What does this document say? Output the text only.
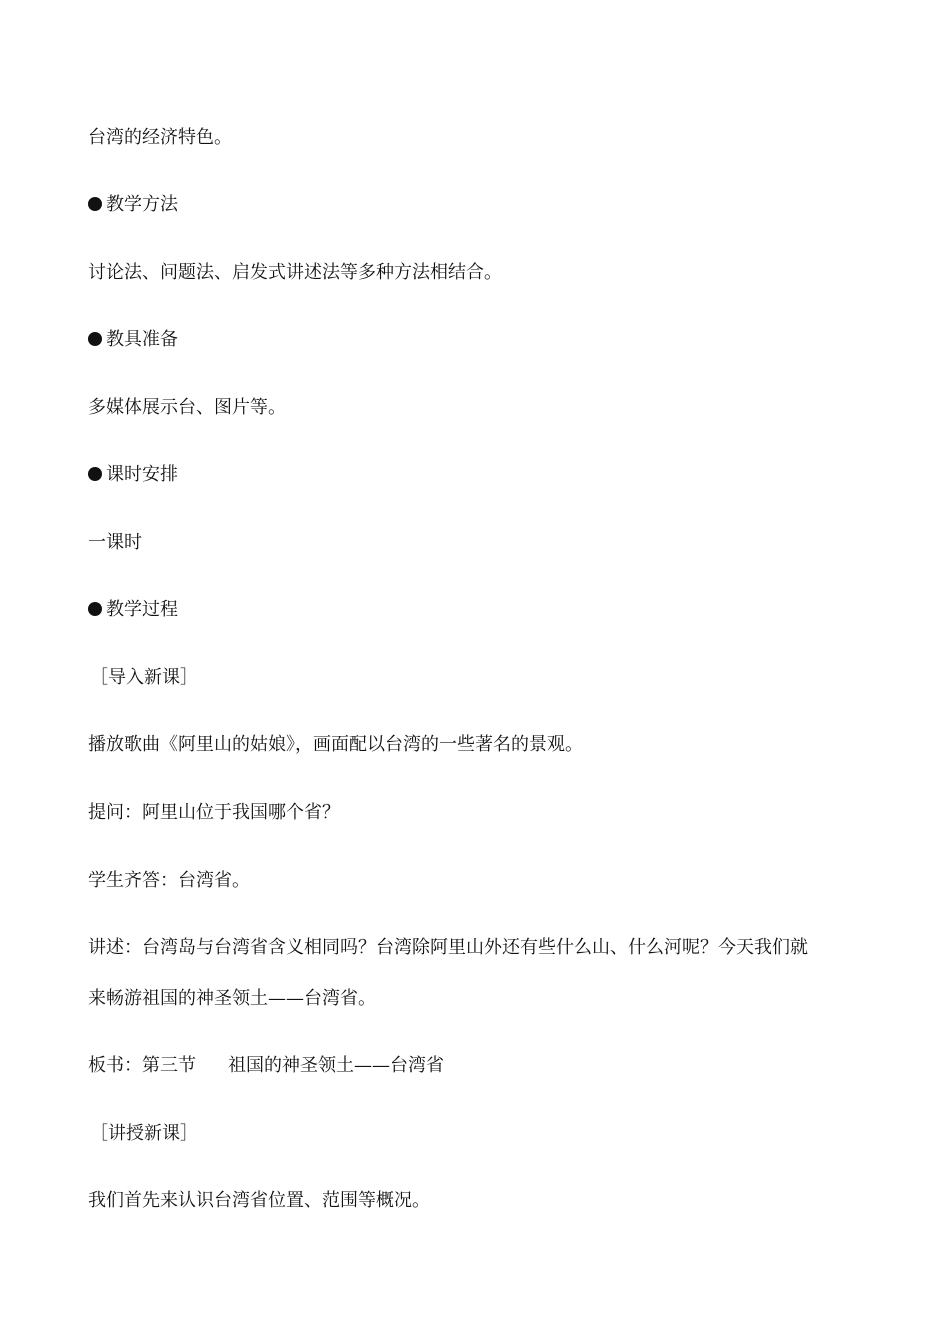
台湾的经济特色。
教学方法
讨论法、问题法、启发式讲述法等多种方法相结合。
教具准备
多媒体展示台、图片等。
课时安排
一课时
教学过程
［导入新课］
播放歌曲《阿里山的姑娘》，画面配以台湾的一些著名的景观。
提问：阿里山位于我国哪个省？
学生齐答：台湾省。
讲述：台湾岛与台湾省含义相同吗？台湾除阿里山外还有些什么山、什么河呢？今天我们就
来畅游祖国的神圣领土——台湾省。
板书：第三节 祖国的神圣领土——台湾省
［讲授新课］
我们首先来认识台湾省位置、范围等概况。
